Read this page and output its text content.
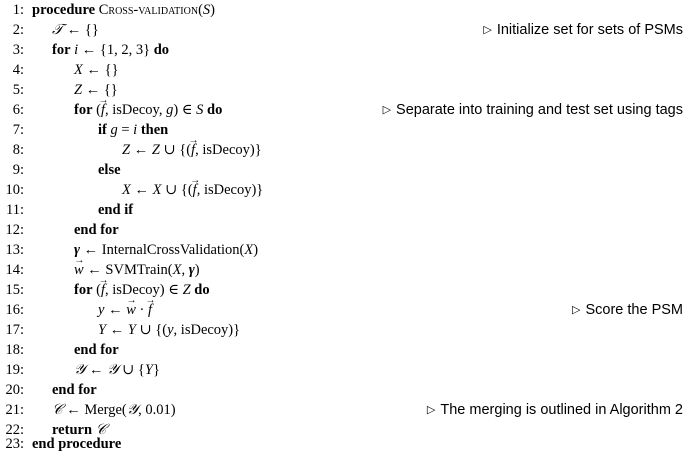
1: procedure Cross-validation(S)
2: 𝒯 ← {}	▷ Initialize set for sets of PSMs
3: for i ← {1, 2, 3} do
4:	X ← {}
5:	Z ← {}
6:	for (→ f, isDecoy, g) ∈ S do	▷ Separate into training and test set using tags
7:	if g = i then
8:	Z ← Z ∪ {(→ f, isDecoy)}
9:	else
10:	X ← X ∪ {(→ f, isDecoy)}
11:	end if
12:	end for
13:	γ ← InternalCrossValidation(X)
14:
→	w ← SVMTrain(X, γ)
15:	for (→ f, isDecoy) ∈ Z do
16:	y ← → w · → f	▷ Score the PSM
17:	Y ← Y ∪ {(y, isDecoy)}
18:	end for
19:	𝒴 ← 𝒴 ∪ {Y}
20: end for
21: 𝒞 ← Merge(𝒴, 0.01)	▷ The merging is outlined in Algorithm 2
22: return 𝒞
23: end procedure
